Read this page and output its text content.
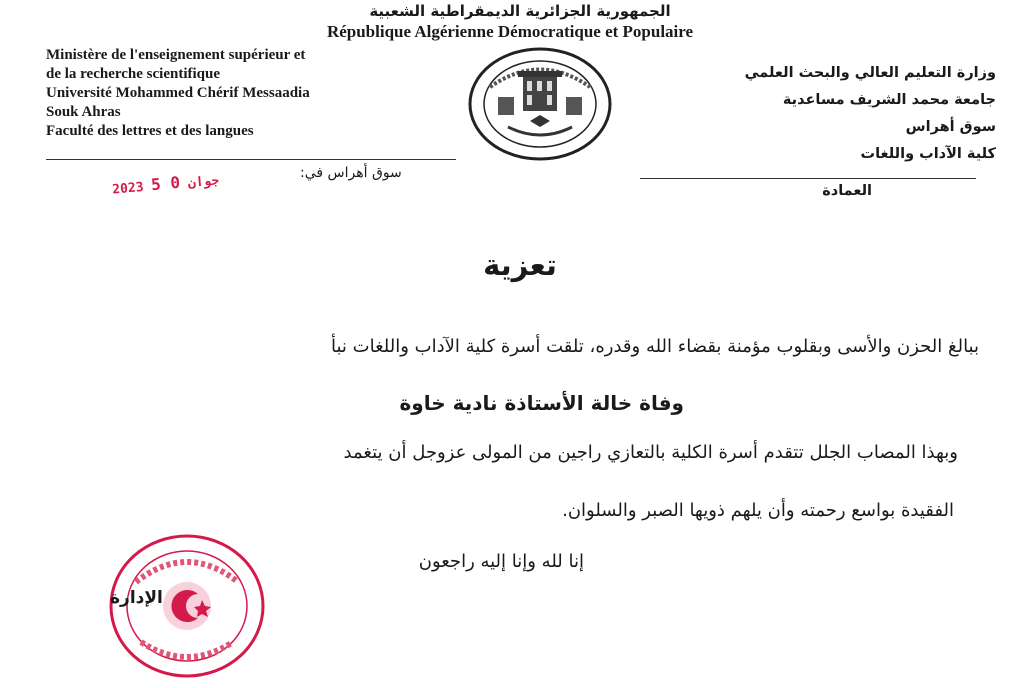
الجمهورية الجزائرية الديمقراطية الشعبية
République Algérienne Démocratique et Populaire
Ministère de l'enseignement supérieur et
de la recherche scientifique
Université Mohammed Chérif Messaadia
Souk Ahras
Faculté des lettres et des langues
وزارة التعليم العالي والبحث العلمي
جامعة محمد الشريف مساعدية
سوق أهراس
كلية الآداب واللغات
العمادة
سوق أهراس في:
2023	جوان 0 5
تعزية
ببالغ الحزن والأسى وبقلوب مؤمنة بقضاء الله وقدره، تلقت أسرة كلية الآداب واللغات نبأ
وفاة خالة الأستاذة نادية خاوة
وبهذا المصاب الجلل تتقدم أسرة الكلية بالتعازي راجين من المولى عزوجل أن يتغمد
الفقيدة بواسع رحمته وأن يلهم ذويها الصبر والسلوان.
إنا لله وإنا إليه راجعون
الإدارة
